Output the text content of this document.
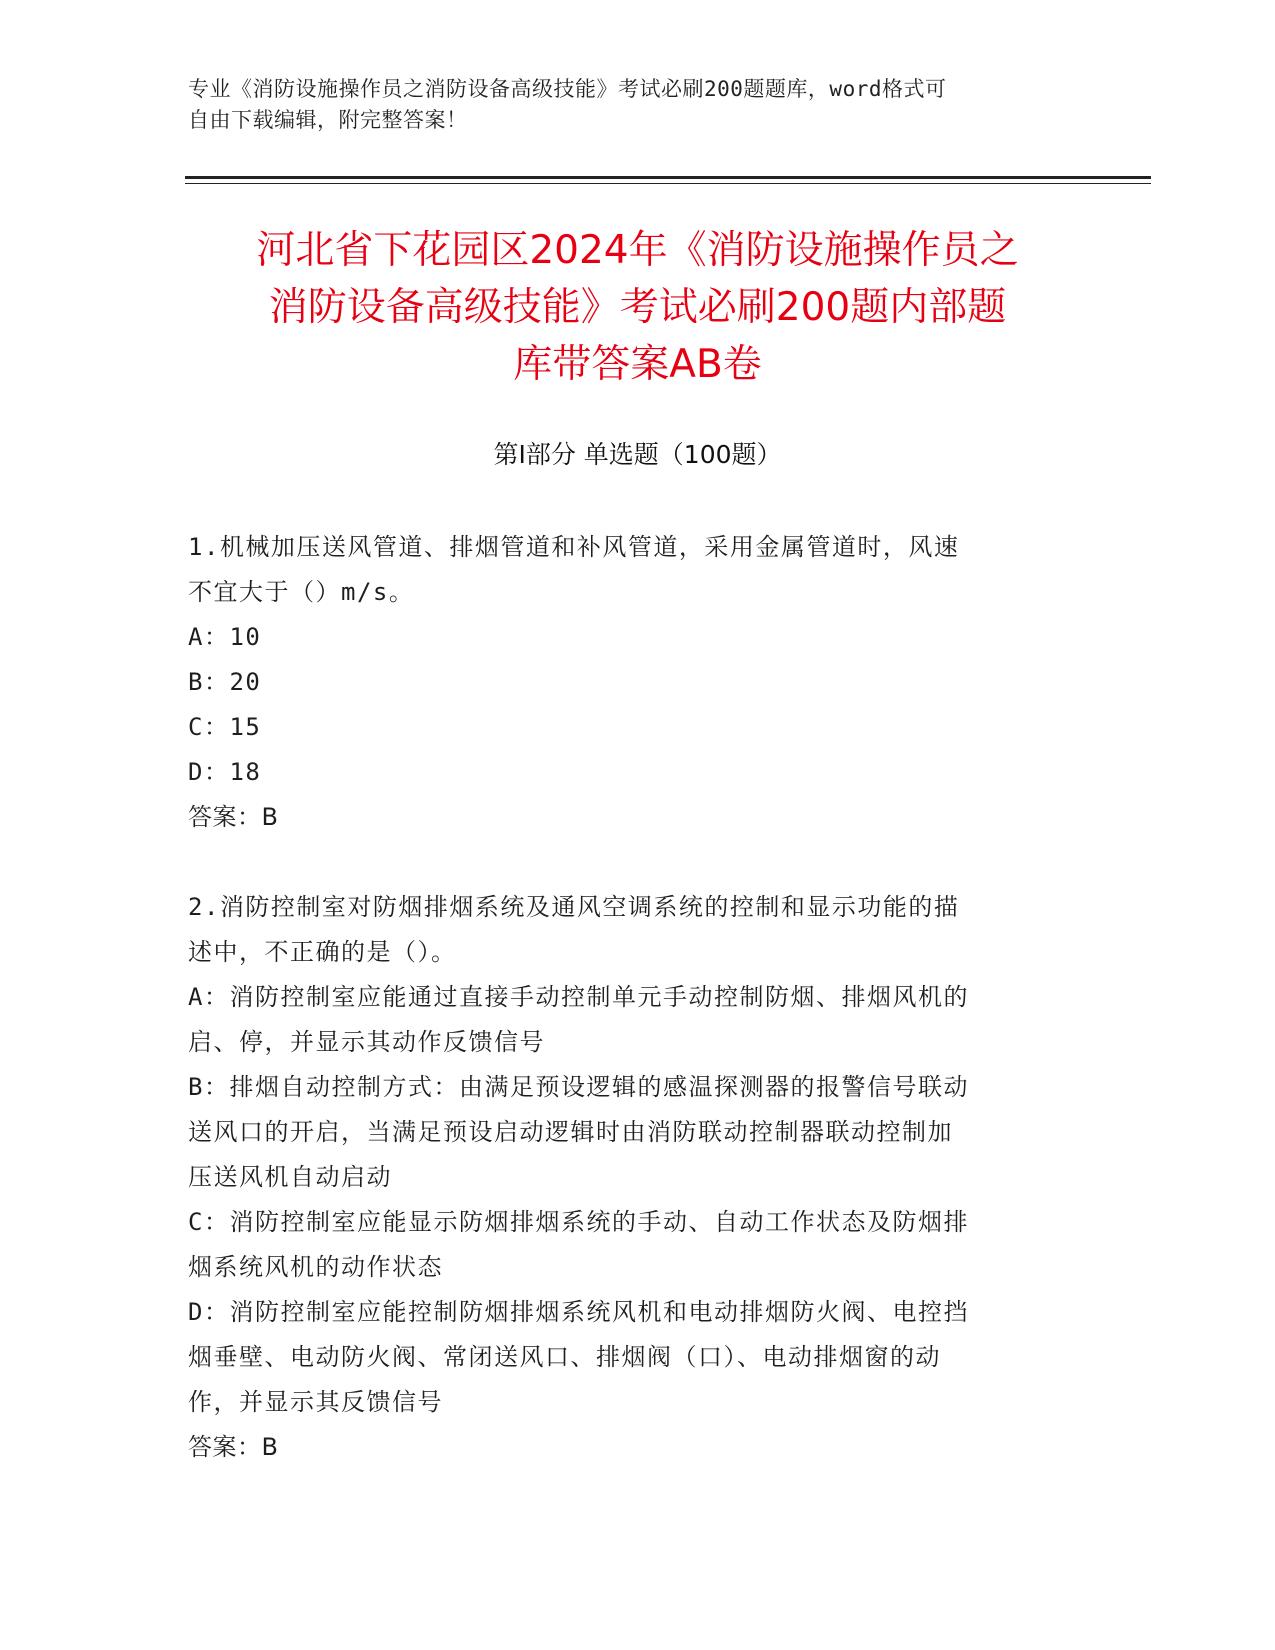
专业《消防设施操作员之消防设备高级技能》考试必刷200题题库，word格式可
自由下载编辑，附完整答案！
河北省下花园区2024年《消防设施操作员之
消防设备高级技能》考试必刷200题内部题
库带答案AB卷
第Ⅰ部分 单选题（100题）
1.机械加压送风管道、排烟管道和补风管道，采用金属管道时，风速
不宜大于（）m/s。
A：10
B：20
C：15
D：18
答案：B
2.消防控制室对防烟排烟系统及通风空调系统的控制和显示功能的描
述中，不正确的是（）。
A：消防控制室应能通过直接手动控制单元手动控制防烟、排烟风机的
启、停，并显示其动作反馈信号
B：排烟自动控制方式：由满足预设逻辑的感温探测器的报警信号联动
送风口的开启，当满足预设启动逻辑时由消防联动控制器联动控制加
压送风机自动启动
C：消防控制室应能显示防烟排烟系统的手动、自动工作状态及防烟排
烟系统风机的动作状态
D：消防控制室应能控制防烟排烟系统风机和电动排烟防火阀、电控挡
烟垂壁、电动防火阀、常闭送风口、排烟阀（口）、电动排烟窗的动
作，并显示其反馈信号
答案：B
